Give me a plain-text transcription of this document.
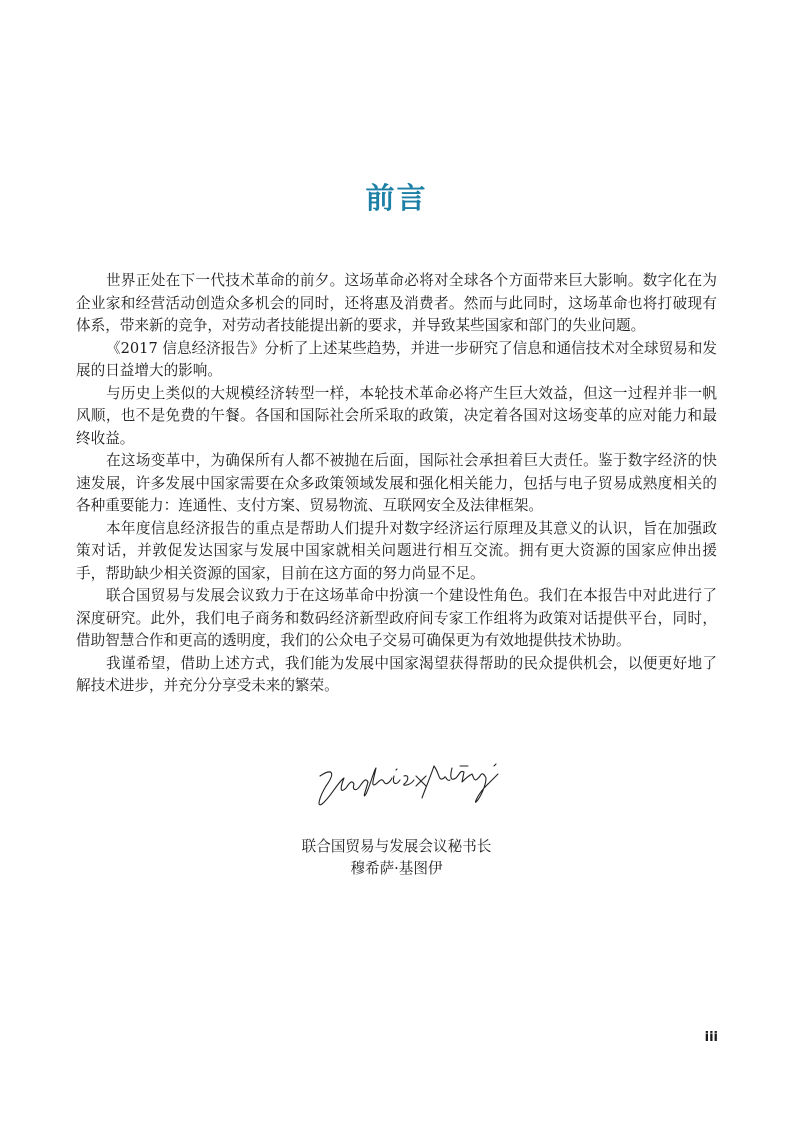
前言

世界正处在下一代技术革命的前夕。这场革命必将对全球各个方面带来巨大影响。数字化在为企业家和经营活动创造众多机会的同时，还将惠及消费者。然而与此同时，这场革命也将打破现有体系，带来新的竞争，对劳动者技能提出新的要求，并导致某些国家和部门的失业问题。

《2017 信息经济报告》分析了上述某些趋势，并进一步研究了信息和通信技术对全球贸易和发展的日益增大的影响。

与历史上类似的大规模经济转型一样，本轮技术革命必将产生巨大效益，但这一过程并非一帆风顺，也不是免费的午餐。各国和国际社会所采取的政策，决定着各国对这场变革的应对能力和最终收益。

在这场变革中，为确保所有人都不被抛在后面，国际社会承担着巨大责任。鉴于数字经济的快速发展，许多发展中国家需要在众多政策领域发展和强化相关能力，包括与电子贸易成熟度相关的各种重要能力：连通性、支付方案、贸易物流、互联网安全及法律框架。

本年度信息经济报告的重点是帮助人们提升对数字经济运行原理及其意义的认识，旨在加强政策对话，并敦促发达国家与发展中国家就相关问题进行相互交流。拥有更大资源的国家应伸出援手，帮助缺少相关资源的国家，目前在这方面的努力尚显不足。

联合国贸易与发展会议致力于在这场革命中扮演一个建设性角色。我们在本报告中对此进行了深度研究。此外，我们电子商务和数码经济新型政府间专家工作组将为政策对话提供平台，同时，借助智慧合作和更高的透明度，我们的公众电子交易可确保更为有效地提供技术协助。

我谨希望，借助上述方式，我们能为发展中国家渴望获得帮助的民众提供机会，以便更好地了解技术进步，并充分分享受未来的繁荣。

联合国贸易与发展会议秘书长
穆希萨·基图伊
iii
